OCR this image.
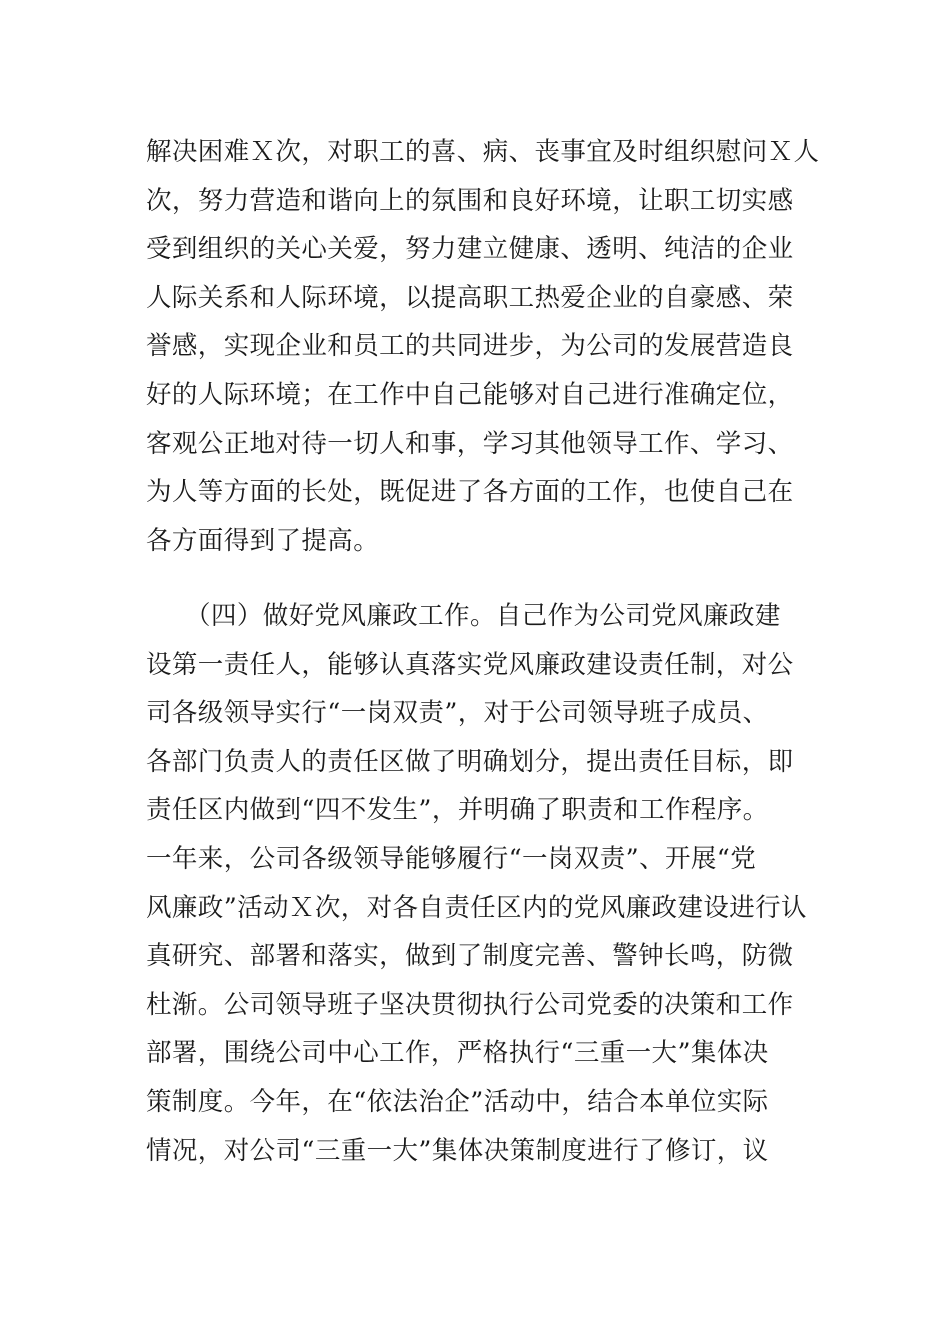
解决困难Ｘ次，对职工的喜、病、丧事宜及时组织慰问Ｘ人
次，努力营造和谐向上的氛围和良好环境，让职工切实感
受到组织的关心关爱，努力建立健康、透明、纯洁的企业
人际关系和人际环境，以提高职工热爱企业的自豪感、荣
誉感，实现企业和员工的共同进步，为公司的发展营造良
好的人际环境；在工作中自己能够对自己进行准确定位，
客观公正地对待一切人和事，学习其他领导工作、学习、
为人等方面的长处，既促进了各方面的工作，也使自己在
各方面得到了提高。
　　（四）做好党风廉政工作。自己作为公司党风廉政建
设第一责任人，能够认真落实党风廉政建设责任制，对公
司各级领导实行“一岗双责”，对于公司领导班子成员、
各部门负责人的责任区做了明确划分，提出责任目标，即
责任区内做到“四不发生”，并明确了职责和工作程序。
一年来，公司各级领导能够履行“一岗双责”、开展“党
风廉政”活动Ｘ次，对各自责任区内的党风廉政建设进行认
真研究、部署和落实，做到了制度完善、警钟长鸣，防微
杜渐。公司领导班子坚决贯彻执行公司党委的决策和工作
部署，围绕公司中心工作，严格执行“三重一大”集体决
策制度。今年，在“依法治企”活动中，结合本单位实际
情况，对公司“三重一大”集体决策制度进行了修订，议
